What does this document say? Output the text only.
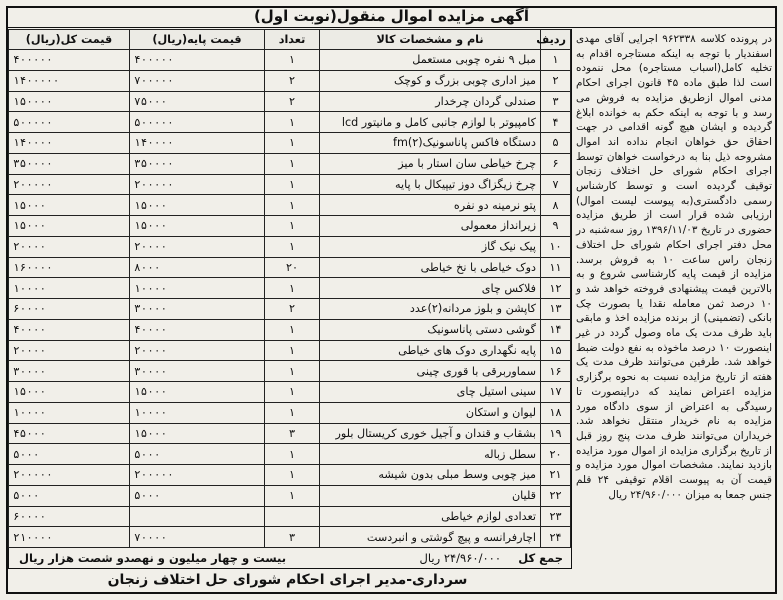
آگهی مزایده اموال منقول(نوبت اول)
ردیف	نام و مشخصات کالا	تعداد	قیمت پایه(ریال)	قیمت کل(ریال)
١	مبل ۹ نفره چوبی مستعمل	١	۴٠٠٠٠٠	۴٠٠٠٠٠
٢	میز اداری چوبی بزرگ و کوچک	٢	٧٠٠٠٠٠	١۴٠٠٠٠٠
٣	صندلی گردان چرخدار	٢	٧۵٠٠٠	١۵٠٠٠٠
۴	کامپیوتر با لوازم جانبی کامل و مانیتور lcd	١	۵٠٠٠٠٠	۵٠٠٠٠٠
۵	دستگاه فاکس پاناسونیک(٢)fm	١	١۴٠٠٠٠	١۴٠٠٠٠
۶	چرخ خیاطی سان استار با میز	١	٣۵٠٠٠٠	٣۵٠٠٠٠
٧	چرخ زیگزاگ دوز تیپیکال با پایه	١	٢٠٠٠٠٠	٢٠٠٠٠٠
٨	پتو نرمینه دو نفره	١	١۵٠٠٠	١۵٠٠٠
٩	زیرانداز معمولی	١	١۵٠٠٠	١۵٠٠٠
١٠	پیک نیک گاز	١	٢٠٠٠٠	٢٠٠٠٠
١١	دوک خیاطی با نخ خیاطی	٢٠	٨٠٠٠	١۶٠٠٠٠
١٢	فلاکس چای	١	١٠٠٠٠	١٠٠٠٠
١٣	کاپشن و بلوز مردانه(٢)عدد	٢	٣٠٠٠٠	۶٠٠٠٠
١۴	گوشی دستی پاناسونیک	١	۴٠٠٠٠	۴٠٠٠٠
١۵	پایه نگهداری دوک های خیاطی	١	٢٠٠٠٠	٢٠٠٠٠
١۶	سماوربرقی با قوری چینی	١	٣٠٠٠٠	٣٠٠٠٠
١٧	سینی استیل چای	١	١۵٠٠٠	١۵٠٠٠
١٨	لیوان و استکان	١	١٠٠٠٠	١٠٠٠٠
١٩	بشقاب و قندان و آجیل خوری کریستال بلور	٣	١۵٠٠٠	۴۵٠٠٠
٢٠	سطل زباله	١	۵٠٠٠	۵٠٠٠
٢١	میز چوبی وسط مبلی بدون شیشه	١	٢٠٠٠٠٠	٢٠٠٠٠٠
٢٢	قلیان	١	۵٠٠٠	۵٠٠٠
٢٣	تعدادی لوازم خیاطی			۶٠٠٠٠
٢۴	اچارفرانسه و پیچ گوشتی و انبردست	٣	٧٠٠٠٠	٢١٠٠٠٠
جمع کل
۲۴/۹۶۰/۰۰۰ ریال
بیست و چهار میلیون و نهصدو شصت هزار ریال
سرداری-مدیر اجرای احکام شورای حل اختلاف زنجان
در پرونده کلاسه ۹۶۲۳۳۸ اجرایی آقای مهدی اسفندیار با توجه به اینکه مستاجره اقدام به تخلیه کامل(اسباب مستاجره) محل ننموده است لذا طبق ماده ۴۵ قانون اجرای احکام مدنی اموال ازطریق مزایده به فروش می رسد و با توجه به اینکه حکم به خوانده ابلاغ گردیده و ایشان هیچ گونه اقدامی در جهت احقاق حق خواهان انجام نداده اند اموال مشروحه ذیل بنا به درخواست خواهان توسط اجرای احکام شورای حل اختلاف زنجان توقیف گردیده است و توسط کارشناس رسمی دادگستری(به پیوست لیست اموال) ارزیابی شده قرار است از طریق مزایده حضوری در تاریخ ۱۳۹۶/۱۱/۰۳ روز سه‌شنبه در محل دفتر اجرای احکام شورای حل اختلاف زنجان راس ساعت ۱۰ به فروش برسد. مزایده از قیمت پایه کارشناسی شروع و به بالاترین قیمت پیشنهادی فروخته خواهد شد و ۱۰ درصد ثمن معامله نقدا یا بصورت چک بانکی (تضمینی) از برنده مزایده اخذ و مابقی باید ظرف مدت یک ماه وصول گردد در غیر اینصورت ۱۰ درصد ماخوذه به نفع دولت ضبط خواهد شد. طرفین می‌توانند ظرف مدت یک هفته از تاریخ مزایده نسبت به نحوه برگزاری مزایده اعتراض نمایند که دراینصورت تا رسیدگی به اعتراض از سوی دادگاه مورد مزایده به نام خریدار منتقل نخواهد شد. خریداران می‌توانند ظرف مدت پنج روز قبل از تاریخ برگزاری مزایده از اموال مورد مزایده بازدید نمایند. مشخصات اموال مورد مزایده و قیمت آن به پیوست اقلام توقیفی ۲۴ قلم جنس جمعا به میزان ۲۴/۹۶۰/۰۰۰ ریال
